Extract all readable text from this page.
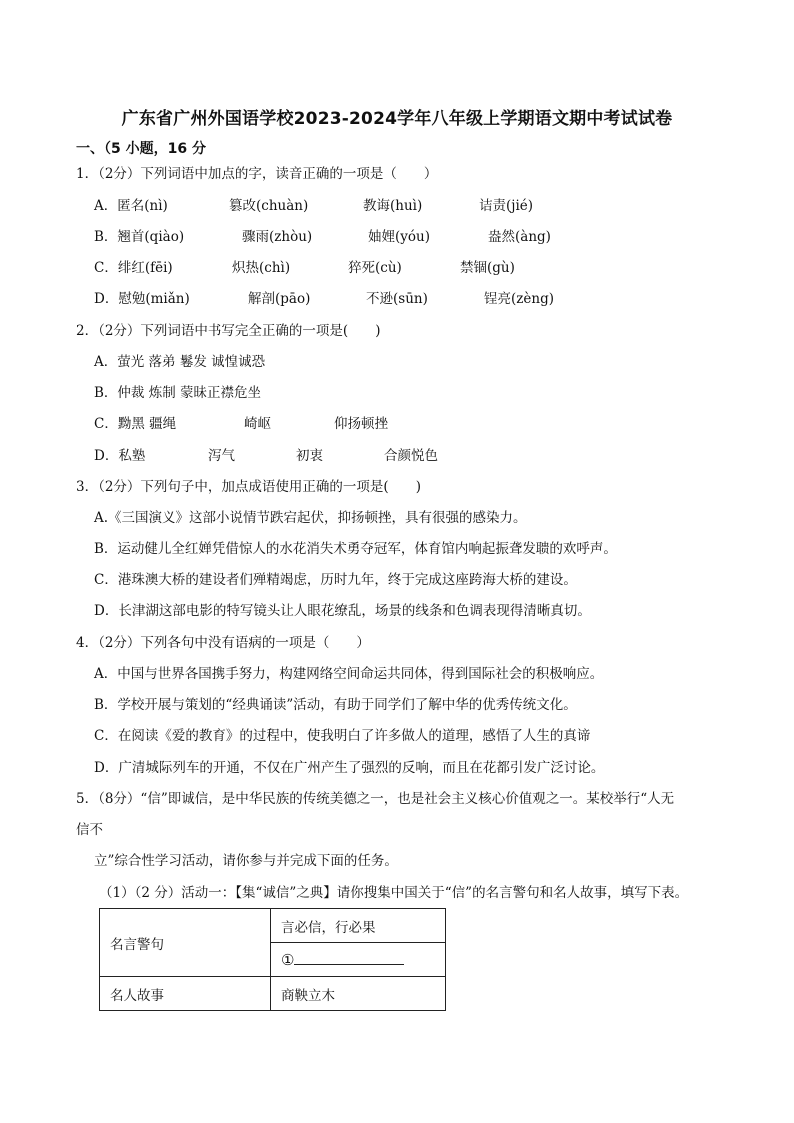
广东省广州外国语学校2023-2024学年八年级上学期语文期中考试试卷
一、（5 小题，16 分
1．（2分）下列词语中加点的字，读音正确的一项是（　　）
A．匿名(nì)	篡改(chuàn)	教诲(huì)	诘责(jié)
B．翘首(qiào)	骤雨(zhòu)	妯娌(yóu)	盎然(àng)
C．绯红(fēi)	炽热(chì)	猝死(cù)	禁锢(gù)
D．慰勉(miǎn)	解剖(pāo)	不逊(sūn)	锃亮(zèng)
2．（2分）下列词语中书写完全正确的一项是(　　)
A．萤光 落弟 鬈发 诚惶诚恐
B．仲裁 炼制 蒙昧正襟危坐
C．黝黑 疆绳	崎岖	仰扬顿挫
D．私塾	泻气	初衷	合颜悦色
3．（2分）下列句子中，加点成语使用正确的一项是(　　)
A.《三国演义》这部小说情节跌宕起伏，抑扬顿挫，具有很强的感染力。
B．运动健儿全红婵凭借惊人的水花消失术勇夺冠军，体育馆内响起振聋发聩的欢呼声。
C．港珠澳大桥的建设者们殚精竭虑，历时九年，终于完成这座跨海大桥的建设。
D．长津湖这部电影的特写镜头让人眼花缭乱，场景的线条和色调表现得清晰真切。
4．（2分）下列各句中没有语病的一项是（　　）
A．中国与世界各国携手努力，构建网络空间命运共同体，得到国际社会的积极响应。
B．学校开展与策划的“经典诵读”活动，有助于同学们了解中华的优秀传统文化。
C．在阅读《爱的教育》的过程中，使我明白了许多做人的道理，感悟了人生的真谛
D．广清城际列车的开通，不仅在广州产生了强烈的反响，而且在花都引发广泛讨论。
5．（8分）“信”即诚信，是中华民族的传统美德之一，也是社会主义核心价值观之一。某校举行“人无
信不
立”综合性学习活动，请你参与并完成下面的任务。
（1）（2 分）活动一：【集“诚信”之典】请你搜集中国关于“信”的名言警句和名人故事，填写下表。
名言警句	言必信，行必果
	①
名人故事	商鞅立木
